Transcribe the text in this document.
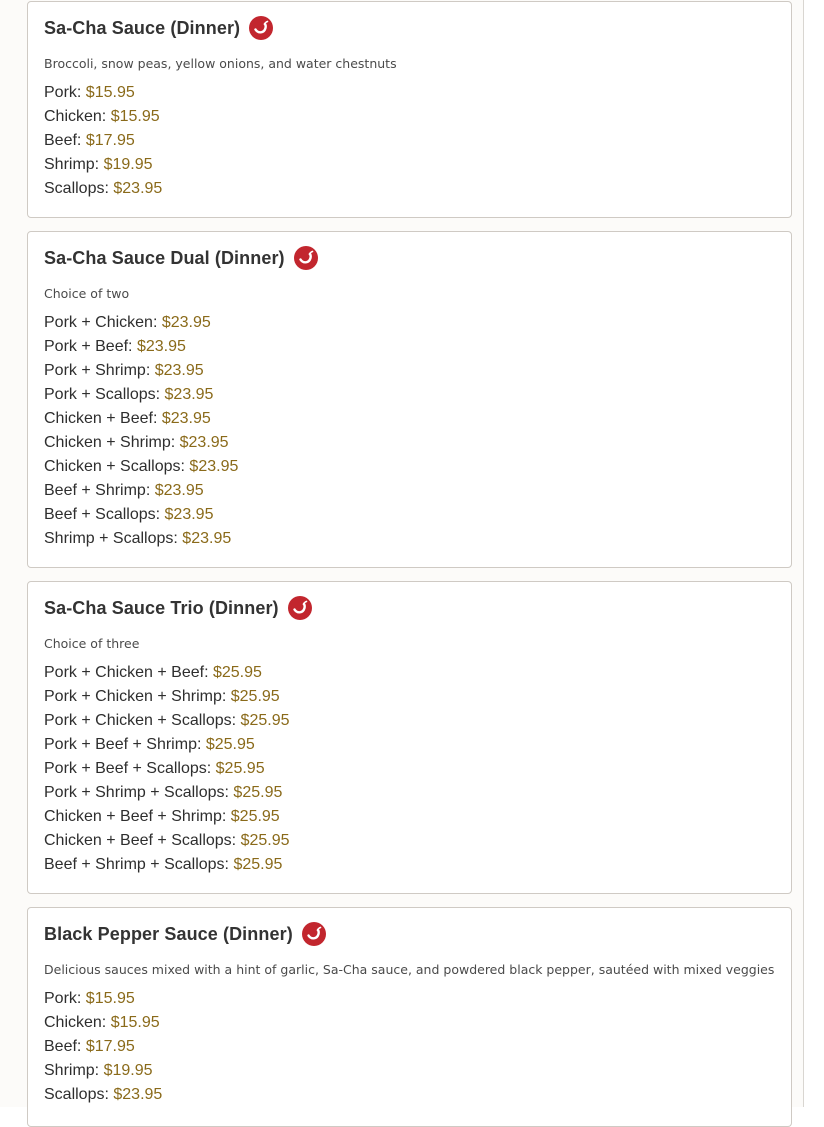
Sa-Cha Sauce (Dinner)
Broccoli, snow peas, yellow onions, and water chestnuts
Pork: $15.95
Chicken: $15.95
Beef: $17.95
Shrimp: $19.95
Scallops: $23.95
Sa-Cha Sauce Dual (Dinner)
Choice of two
Pork + Chicken: $23.95
Pork + Beef: $23.95
Pork + Shrimp: $23.95
Pork + Scallops: $23.95
Chicken + Beef: $23.95
Chicken + Shrimp: $23.95
Chicken + Scallops: $23.95
Beef + Shrimp: $23.95
Beef + Scallops: $23.95
Shrimp + Scallops: $23.95
Sa-Cha Sauce Trio (Dinner)
Choice of three
Pork + Chicken + Beef: $25.95
Pork + Chicken + Shrimp: $25.95
Pork + Chicken + Scallops: $25.95
Pork + Beef + Shrimp: $25.95
Pork + Beef + Scallops: $25.95
Pork + Shrimp + Scallops: $25.95
Chicken + Beef + Shrimp: $25.95
Chicken + Beef + Scallops: $25.95
Beef + Shrimp + Scallops: $25.95
Black Pepper Sauce (Dinner)
Delicious sauces mixed with a hint of garlic, Sa-Cha sauce, and powdered black pepper, sautéed with mixed veggies
Pork: $15.95
Chicken: $15.95
Beef: $17.95
Shrimp: $19.95
Scallops: $23.95
